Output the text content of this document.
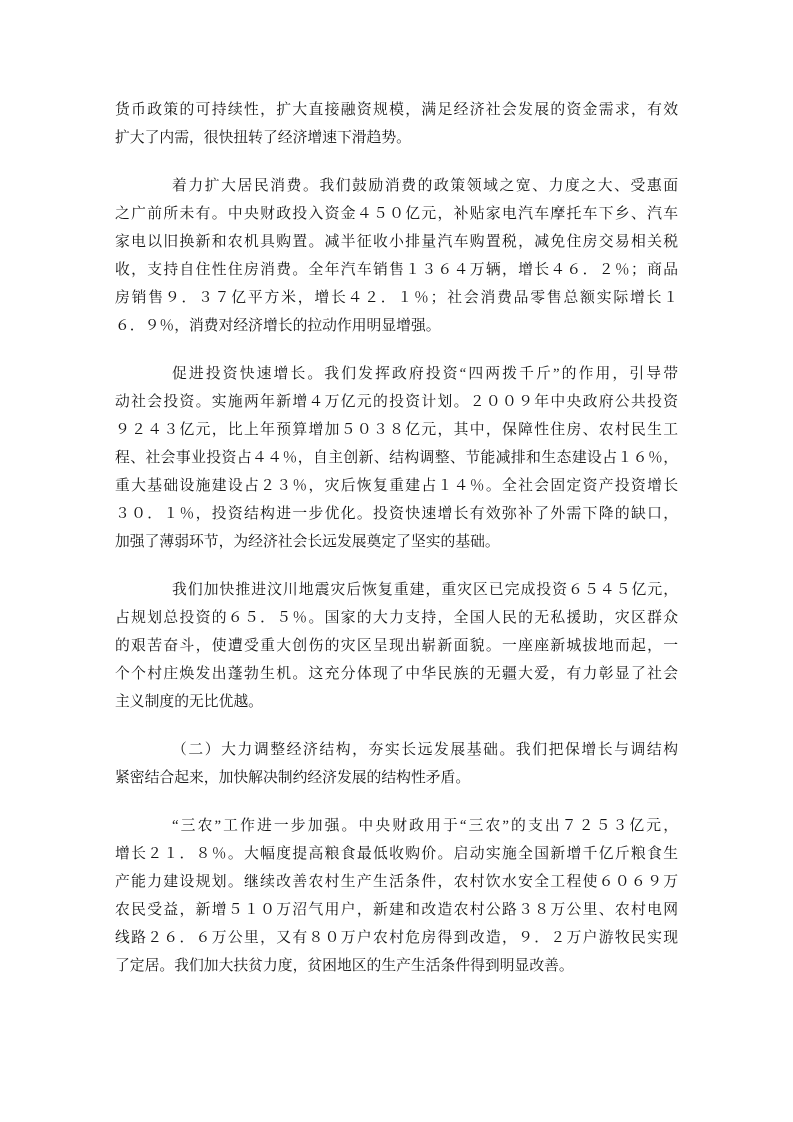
货币政策的可持续性，扩大直接融资规模，满足经济社会发展的资金需求，有效
扩大了内需，很快扭转了经济增速下滑趋势。
着力扩大居民消费。我们鼓励消费的政策领域之宽、力度之大、受惠面
之广前所未有。中央财政投入资金４５０亿元，补贴家电汽车摩托车下乡、汽车
家电以旧换新和农机具购置。减半征收小排量汽车购置税，减免住房交易相关税
收，支持自住性住房消费。全年汽车销售１３６４万辆，增长４６．２％；商品
房销售９．３７亿平方米，增长４２．１％；社会消费品零售总额实际增长１
６．９％，消费对经济增长的拉动作用明显增强。
促进投资快速增长。我们发挥政府投资“四两拨千斤”的作用，引导带
动社会投资。实施两年新增４万亿元的投资计划。２００９年中央政府公共投资
９２４３亿元，比上年预算增加５０３８亿元，其中，保障性住房、农村民生工
程、社会事业投资占４４％，自主创新、结构调整、节能减排和生态建设占１６％，
重大基础设施建设占２３％，灾后恢复重建占１４％。全社会固定资产投资增长
３０．１％，投资结构进一步优化。投资快速增长有效弥补了外需下降的缺口，
加强了薄弱环节，为经济社会长远发展奠定了坚实的基础。
我们加快推进汶川地震灾后恢复重建，重灾区已完成投资６５４５亿元，
占规划总投资的６５．５％。国家的大力支持，全国人民的无私援助，灾区群众
的艰苦奋斗，使遭受重大创伤的灾区呈现出崭新面貌。一座座新城拔地而起，一
个个村庄焕发出蓬勃生机。这充分体现了中华民族的无疆大爱，有力彰显了社会
主义制度的无比优越。
（二）大力调整经济结构，夯实长远发展基础。我们把保增长与调结构
紧密结合起来，加快解决制约经济发展的结构性矛盾。
“三农”工作进一步加强。中央财政用于“三农”的支出７２５３亿元，
增长２１．８％。大幅度提高粮食最低收购价。启动实施全国新增千亿斤粮食生
产能力建设规划。继续改善农村生产生活条件，农村饮水安全工程使６０６９万
农民受益，新增５１０万沼气用户，新建和改造农村公路３８万公里、农村电网
线路２６．６万公里，又有８０万户农村危房得到改造，９．２万户游牧民实现
了定居。我们加大扶贫力度，贫困地区的生产生活条件得到明显改善。
